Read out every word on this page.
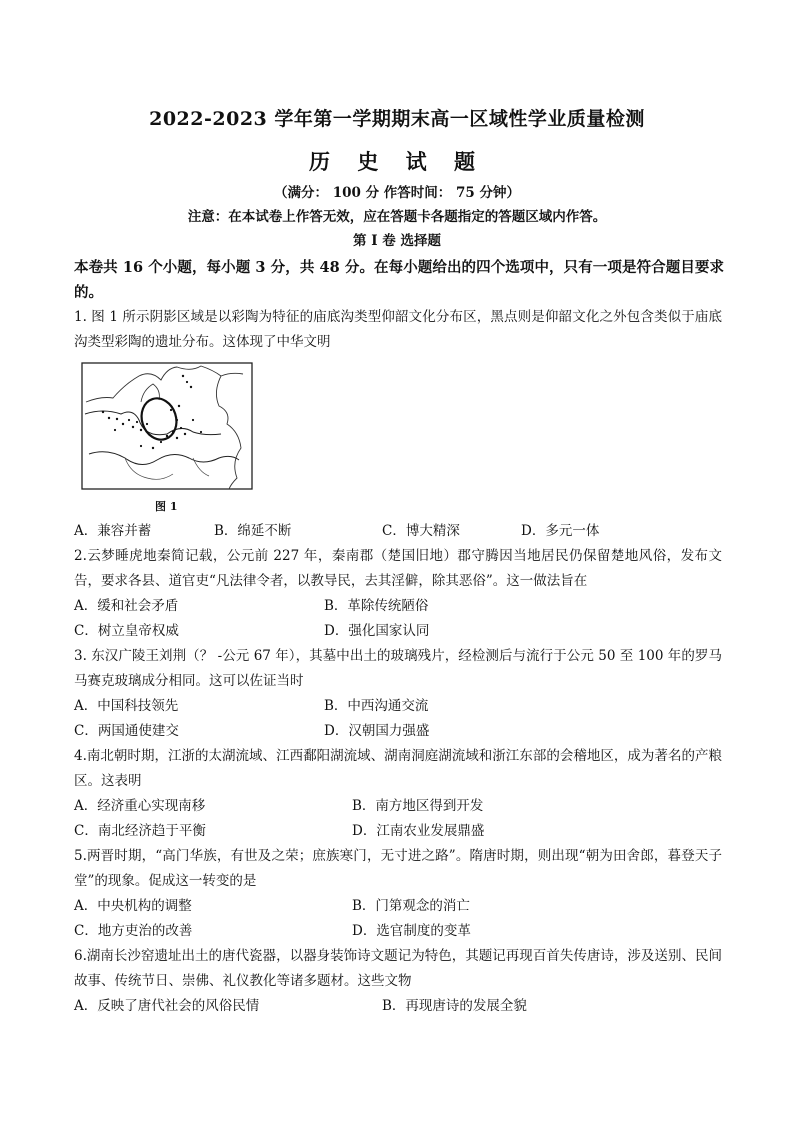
2022-2023 学年第一学期期末高一区域性学业质量检测
历 史 试 题
（满分： 100 分 作答时间： 75 分钟）
注意：在本试卷上作答无效，应在答题卡各题指定的答题区域内作答。
第 Ⅰ 卷 选择题
本卷共 16 个小题，每小题 3 分，共 48 分。在每小题给出的四个选项中，只有一项是符合题目要求的。
1. 图 1 所示阴影区域是以彩陶为特征的庙底沟类型仰韶文化分布区，黑点则是仰韶文化之外包含类似于庙底沟类型彩陶的遗址分布。这体现了中华文明
图 1
A．兼容并蓄	B．绵延不断	C．博大精深	D．多元一体
2.云梦睡虎地秦简记载，公元前 227 年，秦南郡（楚国旧地）郡守腾因当地居民仍保留楚地风俗，发布文告，要求各县、道官吏“凡法律令者，以教导民，去其淫僻，除其恶俗”。这一做法旨在
A．缓和社会矛盾	B．革除传统陋俗
C．树立皇帝权威	D．强化国家认同
3. 东汉广陵王刘荆（？ -公元 67 年），其墓中出土的玻璃残片，经检测后与流行于公元 50 至 100 年的罗马马赛克玻璃成分相同。这可以佐证当时
A．中国科技领先	B．中西沟通交流
C．两国通使建交	D．汉朝国力强盛
4.南北朝时期，江浙的太湖流域、江西鄱阳湖流域、湖南洞庭湖流域和浙江东部的会稽地区，成为著名的产粮区。这表明
A．经济重心实现南移	B．南方地区得到开发
C．南北经济趋于平衡	D．江南农业发展鼎盛
5.两晋时期，“高门华族，有世及之荣；庶族寒门，无寸进之路”。隋唐时期，则出现“朝为田舍郎，暮登天子堂”的现象。促成这一转变的是
A．中央机构的调整	B．门第观念的消亡
C．地方吏治的改善	D．选官制度的变革
6.湖南长沙窑遗址出土的唐代瓷器，以器身装饰诗文题记为特色，其题记再现百首失传唐诗，涉及送别、民间故事、传统节日、崇佛、礼仪教化等诸多题材。这些文物
A．反映了唐代社会的风俗民情	B．再现唐诗的发展全貌
